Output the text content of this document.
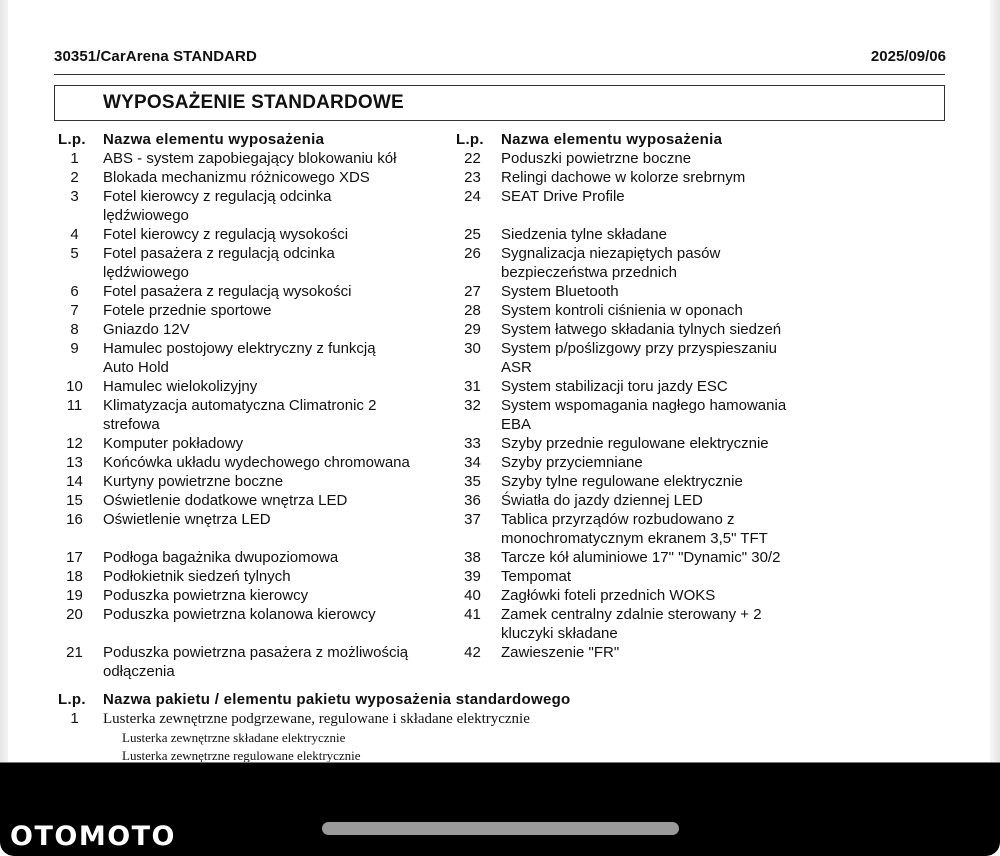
30351/CarArena STANDARD	2025/09/06
WYPOSAŻENIE STANDARDOWE
L.p.	Nazwa elementu wyposażenia
1	ABS - system zapobiegający blokowaniu kół
2	Blokada mechanizmu różnicowego XDS
3	Fotel kierowcy z regulacją odcinka
lędźwiowego
4	Fotel kierowcy z regulacją wysokości
5	Fotel pasażera z regulacją odcinka
lędźwiowego
6	Fotel pasażera z regulacją wysokości
7	Fotele przednie sportowe
8	Gniazdo 12V
9	Hamulec postojowy elektryczny z funkcją
Auto Hold
10	Hamulec wielokolizyjny
11	Klimatyzacja automatyczna Climatronic 2
strefowa
12	Komputer pokładowy
13	Końcówka układu wydechowego chromowana
14	Kurtyny powietrzne boczne
15	Oświetlenie dodatkowe wnętrza LED
16	Oświetlenie wnętrza LED

17	Podłoga bagażnika dwupoziomowa
18	Podłokietnik siedzeń tylnych
19	Poduszka powietrzna kierowcy
20	Poduszka powietrzna kolanowa kierowcy

21	Poduszka powietrzna pasażera z możliwością
odłączenia
L.p.	Nazwa elementu wyposażenia
22	Poduszki powietrzne boczne
23	Relingi dachowe w kolorze srebrnym
24	SEAT Drive Profile

25	Siedzenia tylne składane
26	Sygnalizacja niezapiętych pasów
bezpieczeństwa przednich
27	System Bluetooth
28	System kontroli ciśnienia w oponach
29	System łatwego składania tylnych siedzeń
30	System p/poślizgowy przy przyspieszaniu
ASR
31	System stabilizacji toru jazdy ESC
32	System wspomagania nagłego hamowania
EBA
33	Szyby przednie regulowane elektrycznie
34	Szyby przyciemniane
35	Szyby tylne regulowane elektrycznie
36	Światła do jazdy dziennej LED
37	Tablica przyrządów rozbudowano z
monochromatycznym ekranem 3,5" TFT
38	Tarcze kół aluminiowe 17" "Dynamic" 30/2
39	Tempomat
40	Zagłówki foteli przednich WOKS
41	Zamek centralny zdalnie sterowany + 2
kluczyki składane
42	Zawieszenie "FR"
L.p.	Nazwa pakietu / elementu pakietu wyposażenia standardowego
1	Lusterka zewnętrzne podgrzewane, regulowane i składane elektrycznie
Lusterka zewnętrzne składane elektrycznie
Lusterka zewnętrzne regulowane elektrycznie
OTOMOTO
